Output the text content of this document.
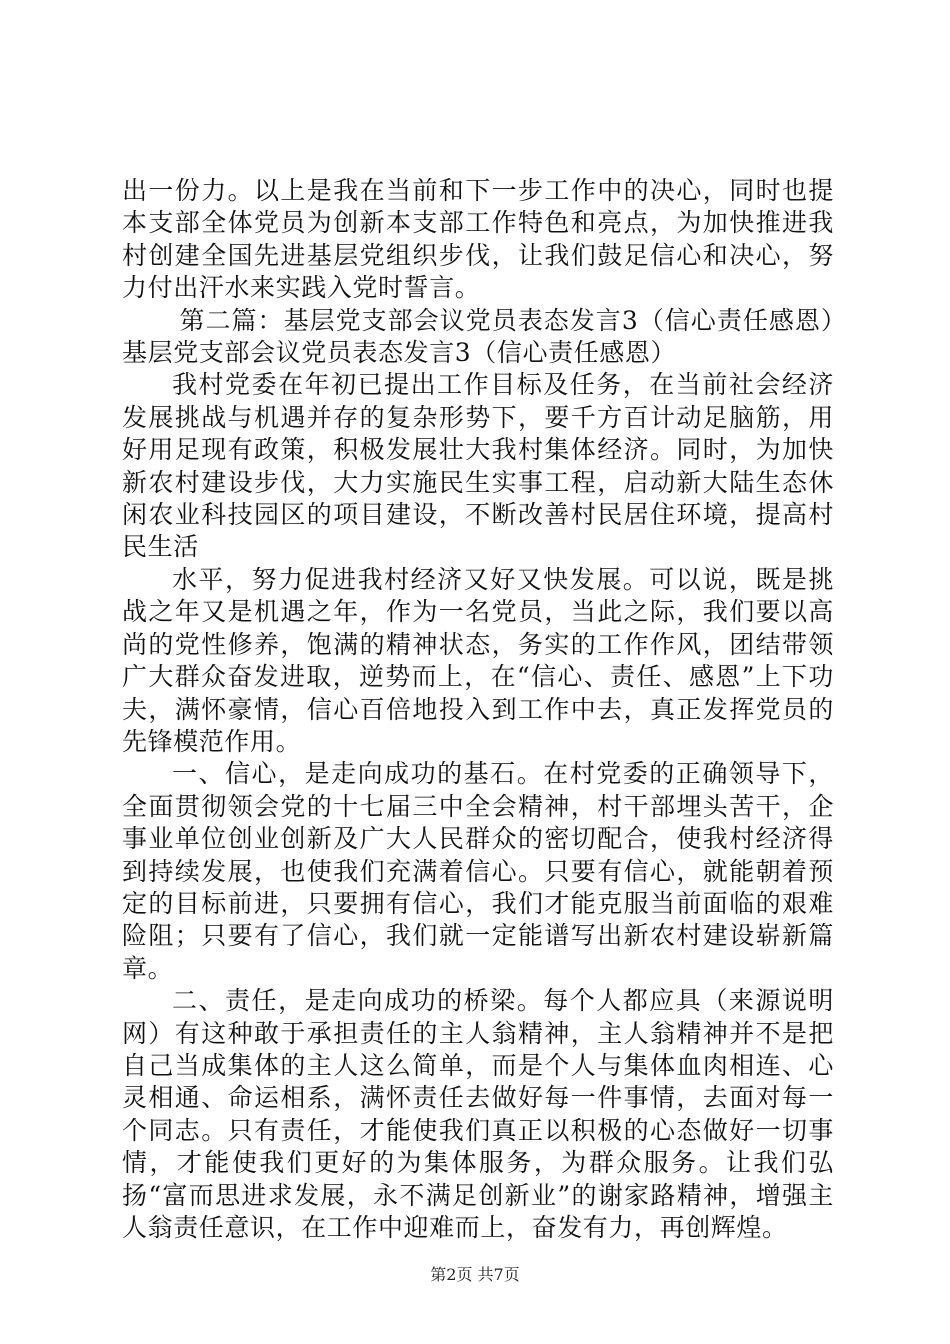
出一份力。以上是我在当前和下一步工作中的决心，同时也提本支部全体党员为创新本支部工作特色和亮点，为加快推进我村创建全国先进基层党组织步伐，让我们鼓足信心和决心，努力付出汗水来实践入党时誓言。

第二篇：基层党支部会议党员表态发言3（信心责任感恩）基层党支部会议党员表态发言3（信心责任感恩）

我村党委在年初已提出工作目标及任务，在当前社会经济发展挑战与机遇并存的复杂形势下，要千方百计动足脑筋，用好用足现有政策，积极发展壮大我村集体经济。同时，为加快新农村建设步伐，大力实施民生实事工程，启动新大陆生态休闲农业科技园区的项目建设，不断改善村民居住环境，提高村民生活

水平，努力促进我村经济又好又快发展。可以说，既是挑战之年又是机遇之年，作为一名党员，当此之际，我们要以高尚的党性修养，饱满的精神状态，务实的工作作风，团结带领广大群众奋发进取，逆势而上，在“信心、责任、感恩”上下功夫，满怀豪情，信心百倍地投入到工作中去，真正发挥党员的先锋模范作用。

一、信心，是走向成功的基石。在村党委的正确领导下，全面贯彻领会党的十七届三中全会精神，村干部埋头苦干，企事业单位创业创新及广大人民群众的密切配合，使我村经济得到持续发展，也使我们充满着信心。只要有信心，就能朝着预定的目标前进，只要拥有信心，我们才能克服当前面临的艰难险阻；只要有了信心，我们就一定能谱写出新农村建设崭新篇章。

二、责任，是走向成功的桥梁。每个人都应具（来源说明网）有这种敢于承担责任的主人翁精神，主人翁精神并不是把自己当成集体的主人这么简单，而是个人与集体血肉相连、心灵相通、命运相系，满怀责任去做好每一件事情，去面对每一个同志。只有责任，才能使我们真正以积极的心态做好一切事情，才能使我们更好的为集体服务，为群众服务。让我们弘扬“富而思进求发展，永不满足创新业”的谢家路精神，增强主人翁责任意识，在工作中迎难而上，奋发有力，再创辉煌。

第2页 共7页
